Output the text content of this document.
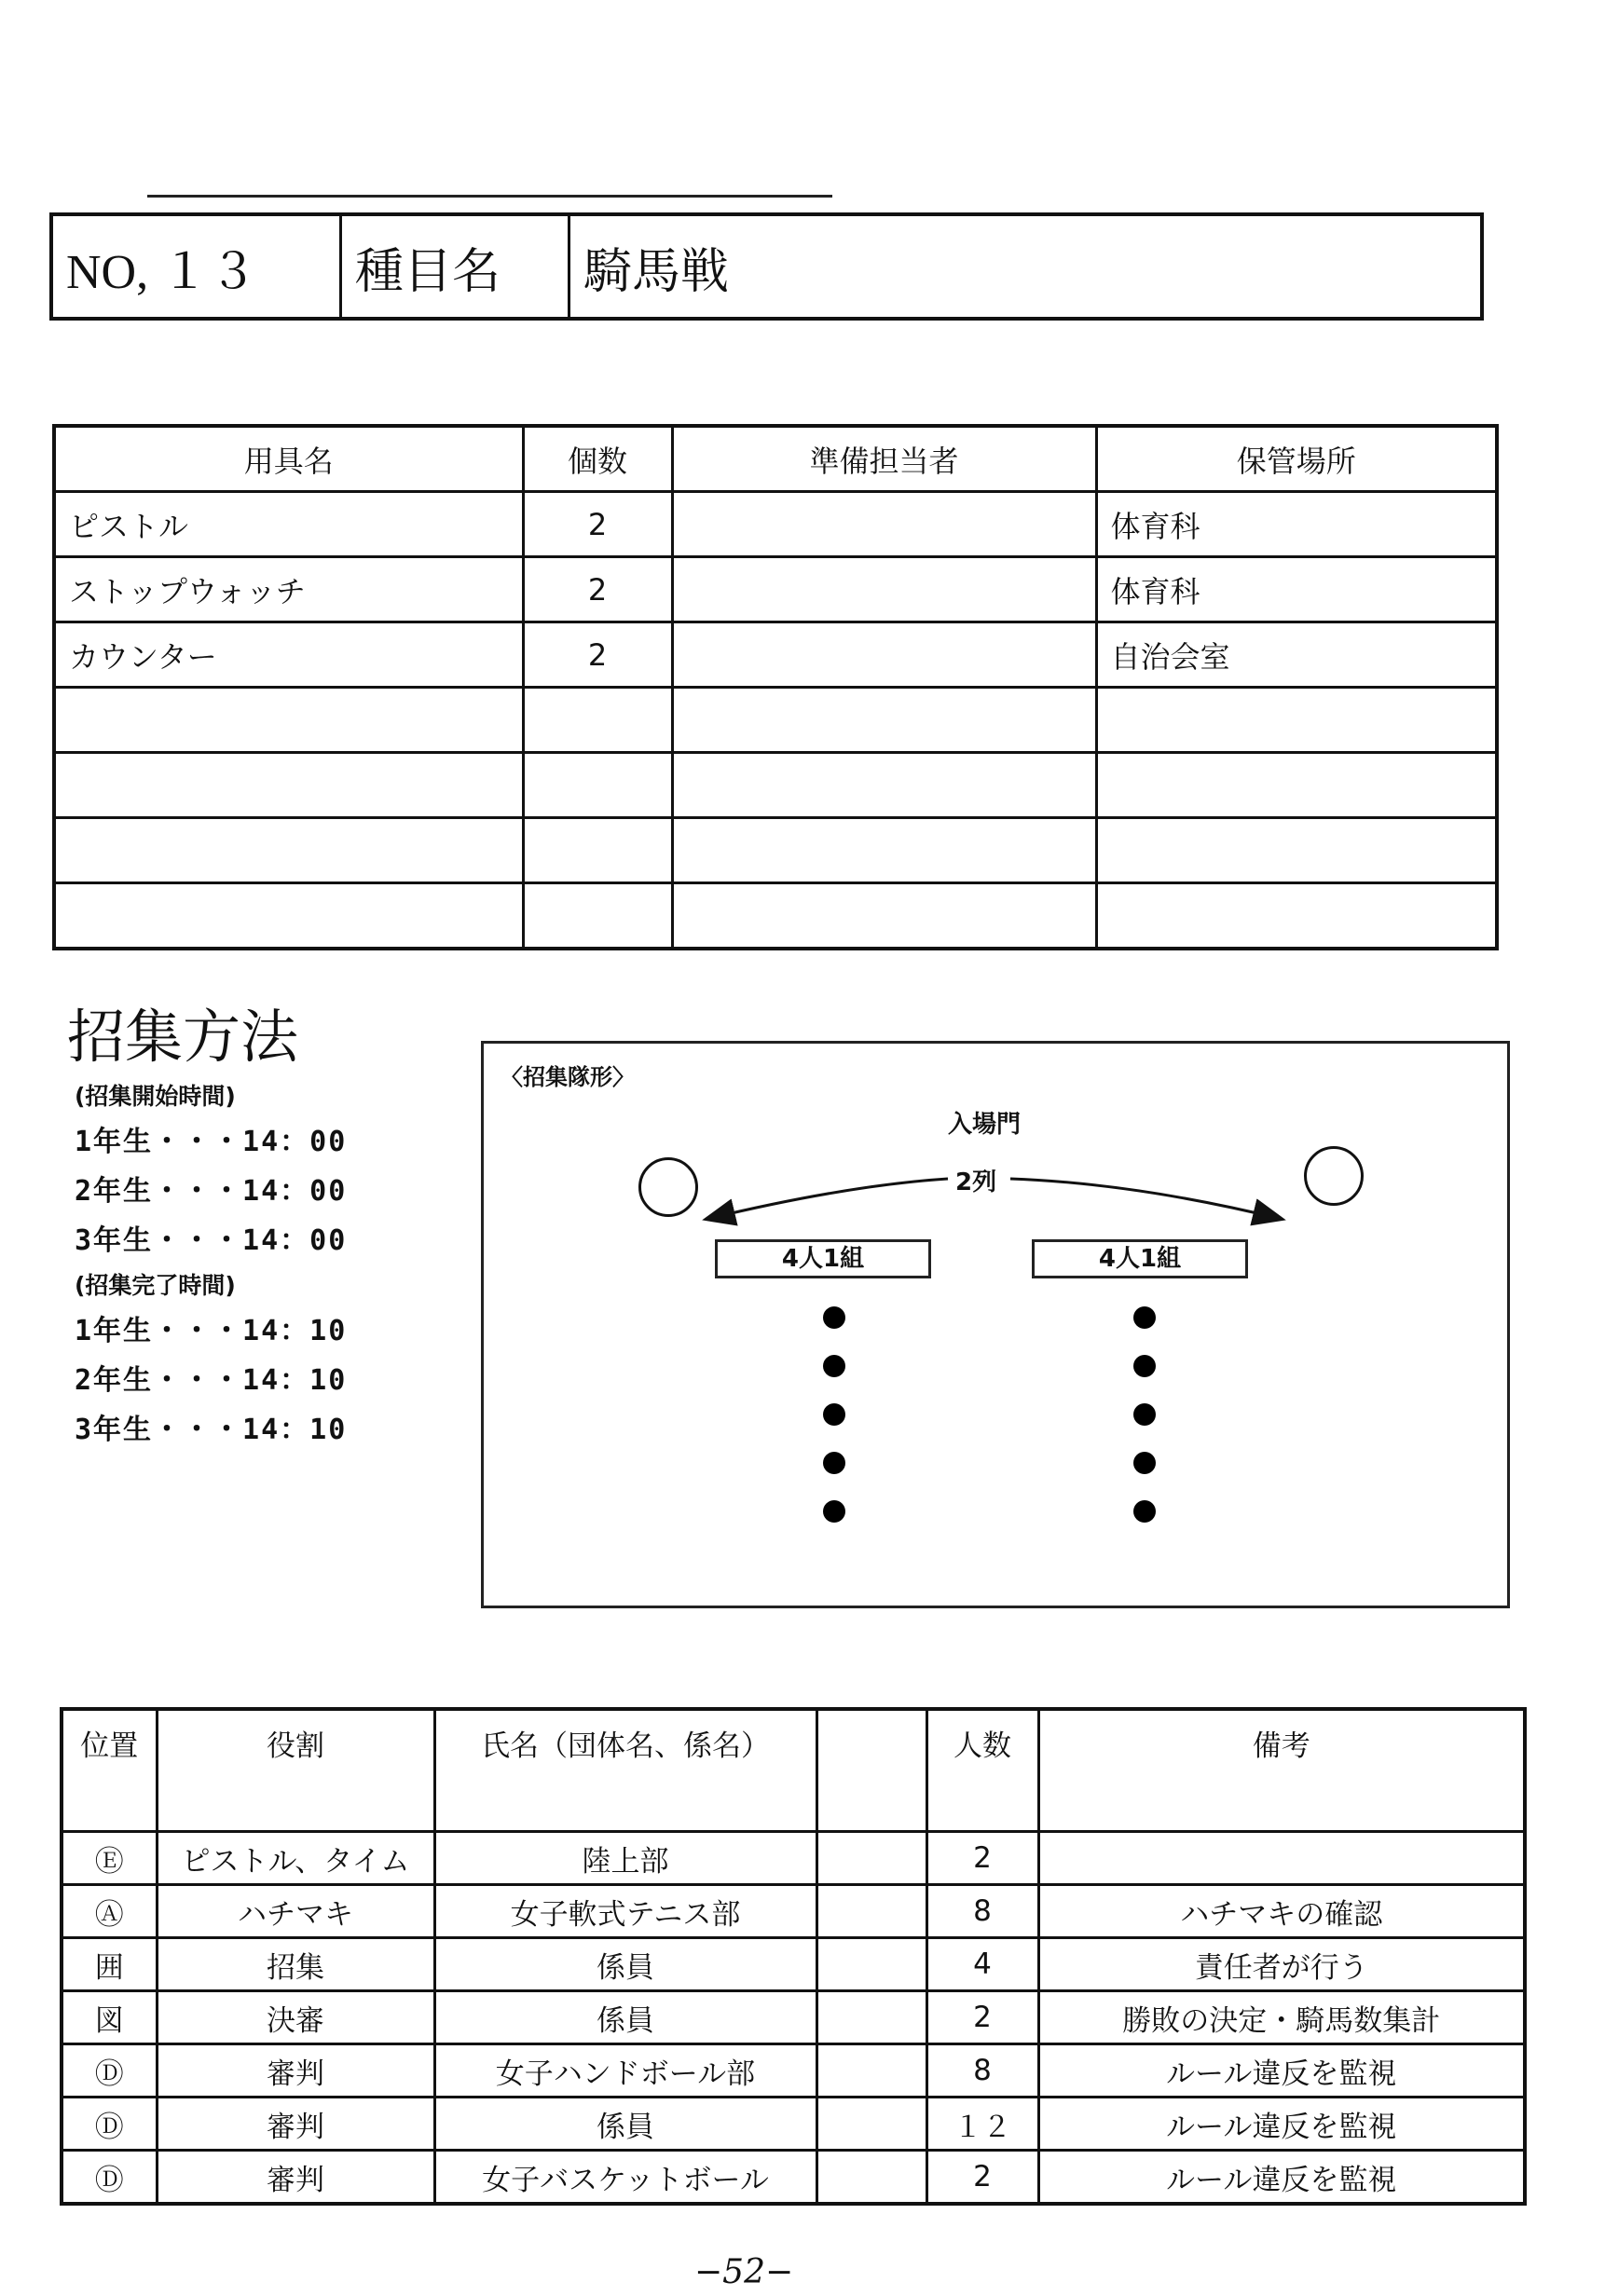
NO, １３	種目名	騎馬戦
用具名	個数	準備担当者	保管場所
ピストル	2		体育科
ストップウォッチ	2		体育科
カウンター	2		自治会室

招集方法
(招集開始時間)
1年生・・・14：00
2年生・・・14：00
3年生・・・14：00
(招集完了時間)
1年生・・・14：10
2年生・・・14：10
3年生・・・14：10
〈招集隊形〉
入場門
2列
4人1組	4人1組
位置	役割	氏名（団体名、係名）		人数	備考
Ⓔ	ピストル、タイム	陸上部		2	
Ⓐ	ハチマキ	女子軟式テニス部		8	ハチマキの確認
囲	招集	係員		4	責任者が行う
図	決審	係員		2	勝敗の決定・騎馬数集計
Ⓓ	審判	女子ハンドボール部		8	ルール違反を監視
Ⓓ	審判	係員		１２	ルール違反を監視
Ⓓ	審判	女子バスケットボール		2	ルール違反を監視
−52−
